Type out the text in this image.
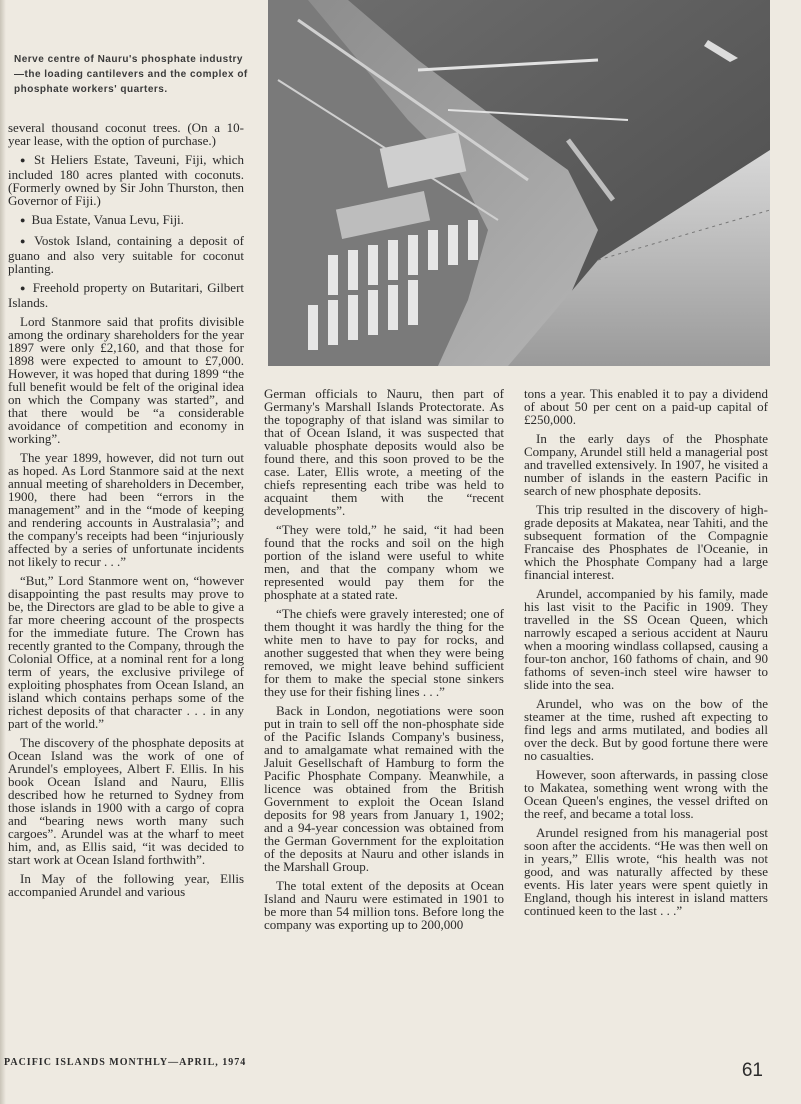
Nerve centre of Nauru's phosphate industry—the loading cantilevers and the complex of phosphate workers' quarters.

several thousand coconut trees. (On a 10-year lease, with the option of purchase.)

● St Heliers Estate, Taveuni, Fiji, which included 180 acres planted with coconuts. (Formerly owned by Sir John Thurston, then Governor of Fiji.)

● Bua Estate, Vanua Levu, Fiji.

● Vostok Island, containing a deposit of guano and also very suitable for coconut planting.

● Freehold property on Butaritari, Gilbert Islands.

Lord Stanmore said that profits divisible among the ordinary shareholders for the year 1897 were only £2,160, and that those for 1898 were expected to amount to £7,000. However, it was hoped that during 1899 “the full benefit would be felt of the original idea on which the Company was started”, and that there would be “a considerable avoidance of competition and economy in working”.

The year 1899, however, did not turn out as hoped. As Lord Stanmore said at the next annual meeting of shareholders in December, 1900, there had been “errors in the management” and in the “mode of keeping and rendering accounts in Australasia”; and the company's receipts had been “injuriously affected by a series of unfortunate incidents not likely to recur . . .”

“But,” Lord Stanmore went on, “however disappointing the past results may prove to be, the Directors are glad to be able to give a far more cheering account of the prospects for the immediate future. The Crown has recently granted to the Company, through the Colonial Office, at a nominal rent for a long term of years, the exclusive privilege of exploiting phosphates from Ocean Island, an island which contains perhaps some of the richest deposits of that character . . . in any part of the world.”

The discovery of the phosphate deposits at Ocean Island was the work of one of Arundel's employees, Albert F. Ellis. In his book Ocean Island and Nauru, Ellis described how he returned to Sydney from those islands in 1900 with a cargo of copra and “bearing news worth many such cargoes”. Arundel was at the wharf to meet him, and, as Ellis said, “it was decided to start work at Ocean Island forthwith”.

In May of the following year, Ellis accompanied Arundel and various

German officials to Nauru, then part of Germany's Marshall Islands Protectorate. As the topography of that island was similar to that of Ocean Island, it was suspected that valuable phosphate deposits would also be found there, and this soon proved to be the case. Later, Ellis wrote, a meeting of the chiefs representing each tribe was held to acquaint them with the “recent developments”.

“They were told,” he said, “it had been found that the rocks and soil on the high portion of the island were useful to white men, and that the company whom we represented would pay them for the phosphate at a stated rate.

“The chiefs were gravely interested; one of them thought it was hardly the thing for the white men to have to pay for rocks, and another suggested that when they were being removed, we might leave behind sufficient for them to make the special stone sinkers they use for their fishing lines . . .”

Back in London, negotiations were soon put in train to sell off the non-phosphate side of the Pacific Islands Company's business, and to amalgamate what remained with the Jaluit Gesellschaft of Hamburg to form the Pacific Phosphate Company. Meanwhile, a licence was obtained from the British Government to exploit the Ocean Island deposits for 98 years from January 1, 1902; and a 94-year concession was obtained from the German Government for the exploitation of the deposits at Nauru and other islands in the Marshall Group.

The total extent of the deposits at Ocean Island and Nauru were estimated in 1901 to be more than 54 million tons. Before long the company was exporting up to 200,000

tons a year. This enabled it to pay a dividend of about 50 per cent on a paid-up capital of £250,000.

In the early days of the Phosphate Company, Arundel still held a managerial post and travelled extensively. In 1907, he visited a number of islands in the eastern Pacific in search of new phosphate deposits.

This trip resulted in the discovery of high-grade deposits at Makatea, near Tahiti, and the subsequent formation of the Compagnie Francaise des Phosphates de l'Oceanie, in which the Phosphate Company had a large financial interest.

Arundel, accompanied by his family, made his last visit to the Pacific in 1909. They travelled in the SS Ocean Queen, which narrowly escaped a serious accident at Nauru when a mooring windlass collapsed, causing a four-ton anchor, 160 fathoms of chain, and 90 fathoms of seven-inch steel wire hawser to slide into the sea.

Arundel, who was on the bow of the steamer at the time, rushed aft expecting to find legs and arms mutilated, and bodies all over the deck. But by good fortune there were no casualties.

However, soon afterwards, in passing close to Makatea, something went wrong with the Ocean Queen's engines, the vessel drifted on the reef, and became a total loss.

Arundel resigned from his managerial post soon after the accidents. “He was then well on in years,” Ellis wrote, “his health was not good, and was naturally affected by these events. His later years were spent quietly in England, though his interest in island matters continued keen to the last . . .”

PACIFIC ISLANDS MONTHLY—APRIL, 1974	61
